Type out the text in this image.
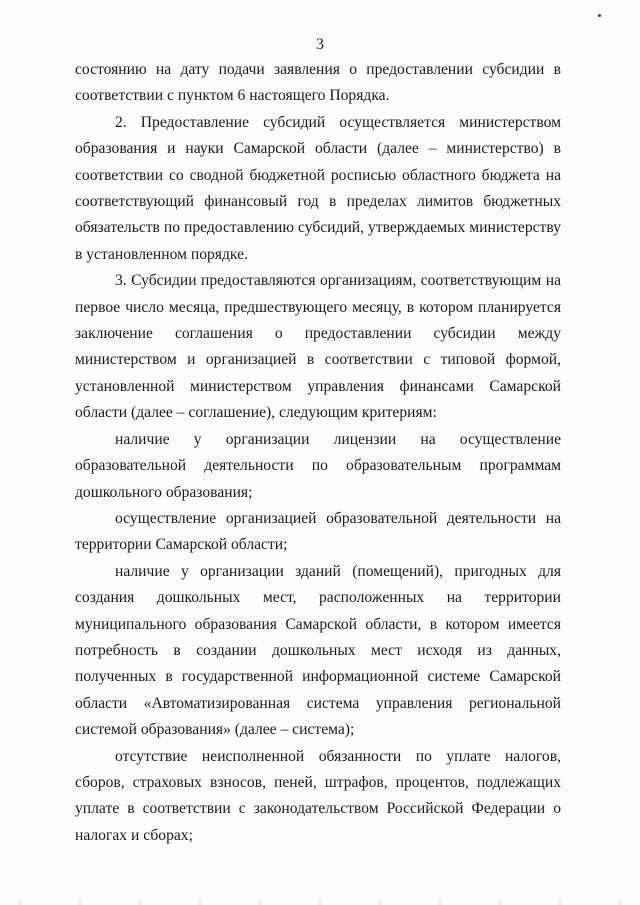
3

состоянию на дату подачи заявления о предоставлении субсидии в соответствии с пунктом 6 настоящего Порядка.

2. Предоставление субсидий осуществляется министерством образования и науки Самарской области (далее – министерство) в соответствии со сводной бюджетной росписью областного бюджета на соответствующий финансовый год в пределах лимитов бюджетных обязательств по предоставлению субсидий, утверждаемых министерству в установленном порядке.

3. Субсидии предоставляются организациям, соответствующим на первое число месяца, предшествующего месяцу, в котором планируется заключение соглашения о предоставлении субсидии между министерством и организацией в соответствии с типовой формой, установленной министерством управления финансами Самарской области (далее – соглашение), следующим критериям:

наличие у организации лицензии на осуществление образовательной деятельности по образовательным программам дошкольного образования;

осуществление организацией образовательной деятельности на территории Самарской области;

наличие у организации зданий (помещений), пригодных для создания дошкольных мест, расположенных на территории муниципального образования Самарской области, в котором имеется потребность в создании дошкольных мест исходя из данных, полученных в государственной информационной системе Самарской области «Автоматизированная система управления региональной системой образования» (далее – система);

отсутствие неисполненной обязанности по уплате налогов, сборов, страховых взносов, пеней, штрафов, процентов, подлежащих уплате в соответствии с законодательством Российской Федерации о налогах и сборах;
